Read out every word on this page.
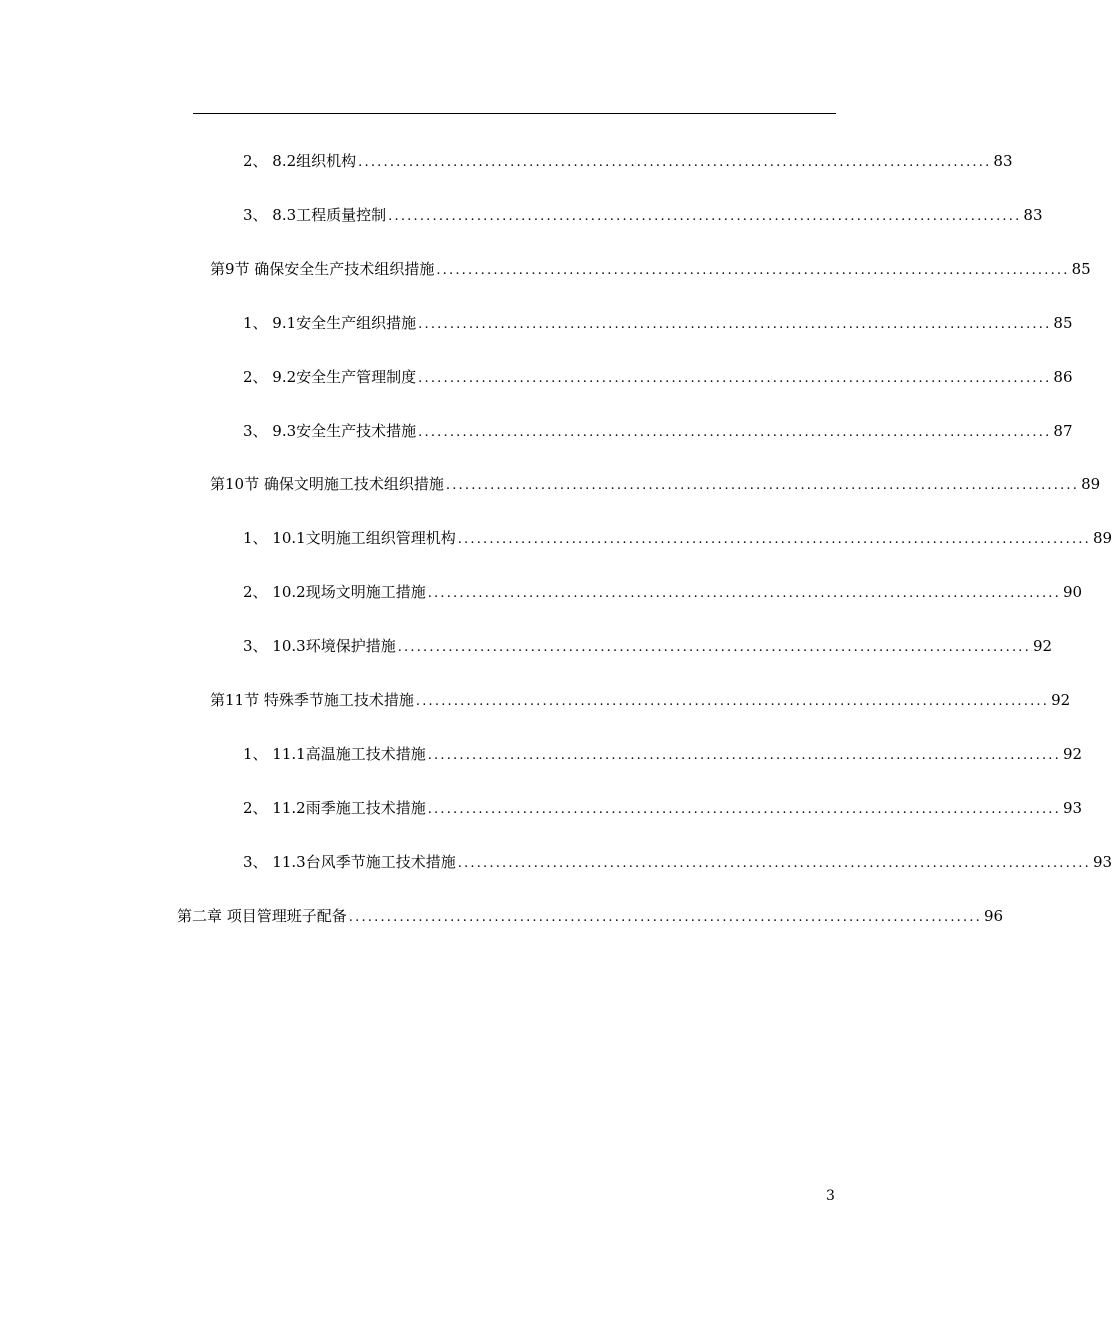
2、 8.2组织机构 .................................................................................................... 83
3、 8.3工程质量控制 .................................................................................................... 83
第9节 确保安全生产技术组织措施 .................................................................................................... 85
1、 9.1安全生产组织措施 .................................................................................................... 85
2、 9.2安全生产管理制度 .................................................................................................... 86
3、 9.3安全生产技术措施 .................................................................................................... 87
第10节 确保文明施工技术组织措施 .................................................................................................... 89
1、 10.1文明施工组织管理机构 .................................................................................................... 89
2、 10.2现场文明施工措施 .................................................................................................... 90
3、 10.3环境保护措施 .................................................................................................... 92
第11节 特殊季节施工技术措施 .................................................................................................... 92
1、 11.1高温施工技术措施 .................................................................................................... 92
2、 11.2雨季施工技术措施 .................................................................................................... 93
3、 11.3台风季节施工技术措施 .................................................................................................... 93
第二章 项目管理班子配备 .................................................................................................... 96
3
